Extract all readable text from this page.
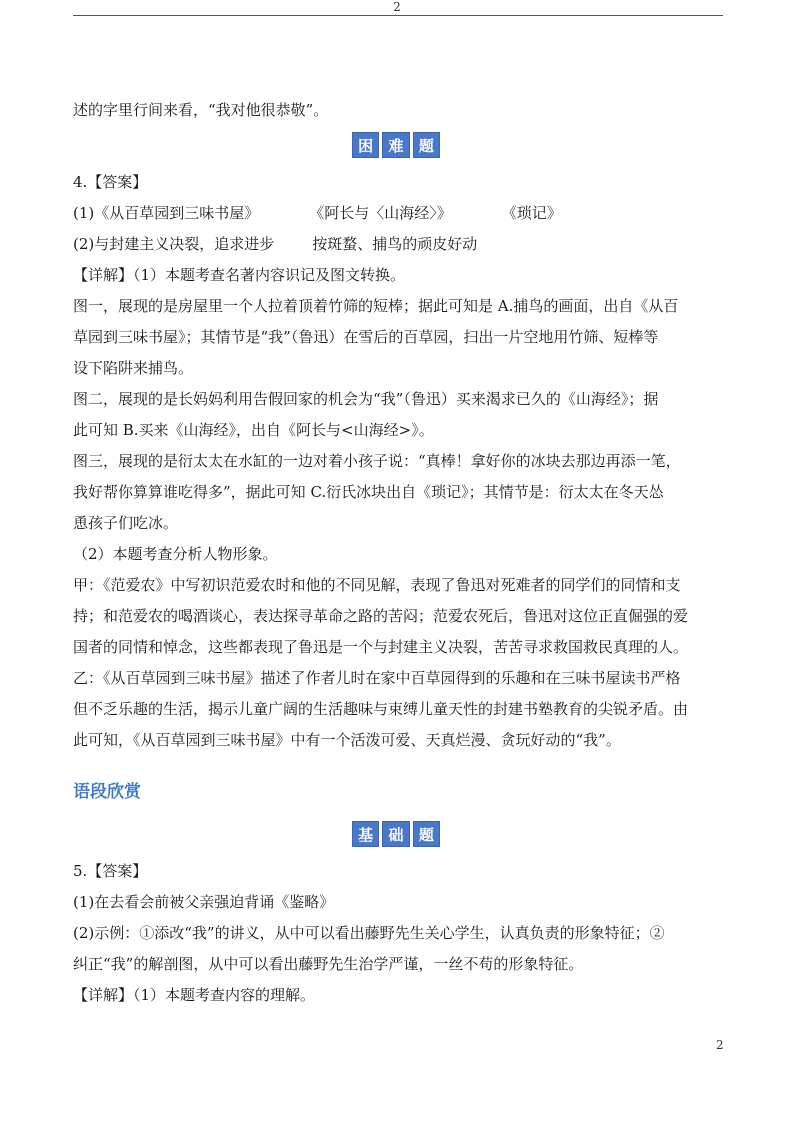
2
述的字里行间来看，“我对他很恭敬”。
困	难	题
4.【答案】
(1)《从百草园到三味书屋》	《阿长与〈山海经〉》	《琐记》
(2)与封建主义决裂，追求进步	按斑蝥、捕鸟的顽皮好动
【详解】（1）本题考查名著内容识记及图文转换。
图一，展现的是房屋里一个人拉着顶着竹筛的短棒；据此可知是 A.捕鸟的画面，出自《从百
草园到三味书屋》；其情节是“我”（鲁迅）在雪后的百草园，扫出一片空地用竹筛、短棒等
设下陷阱来捕鸟。
图二，展现的是长妈妈利用告假回家的机会为“我”（鲁迅）买来渴求已久的《山海经》；据
此可知 B.买来《山海经》，出自《阿长与<山海经>》。
图三，展现的是衍太太在水缸的一边对着小孩子说：“真棒！拿好你的冰块去那边再添一笔，
我好帮你算算谁吃得多”，据此可知 C.衍氏冰块出自《琐记》；其情节是：衍太太在冬天怂
恿孩子们吃冰。
（2）本题考查分析人物形象。
甲：《范爱农》中写初识范爱农时和他的不同见解，表现了鲁迅对死难者的同学们的同情和支
持；和范爱农的喝酒谈心，表达探寻革命之路的苦闷；范爱农死后，鲁迅对这位正直倔强的爱
国者的同情和悼念，这些都表现了鲁迅是一个与封建主义决裂，苦苦寻求救国救民真理的人。
乙：《从百草园到三味书屋》描述了作者儿时在家中百草园得到的乐趣和在三味书屋读书严格
但不乏乐趣的生活，揭示儿童广阔的生活趣味与束缚儿童天性的封建书塾教育的尖锐矛盾。由
此可知，《从百草园到三味书屋》中有一个活泼可爱、天真烂漫、贪玩好动的“我”。
语段欣赏
基	础	题
5.【答案】
(1)在去看会前被父亲强迫背诵《鉴略》
(2)示例：①添改“我”的讲义，从中可以看出藤野先生关心学生，认真负责的形象特征；②
纠正“我”的解剖图，从中可以看出藤野先生治学严谨，一丝不苟的形象特征。
【详解】（1）本题考查内容的理解。
2
